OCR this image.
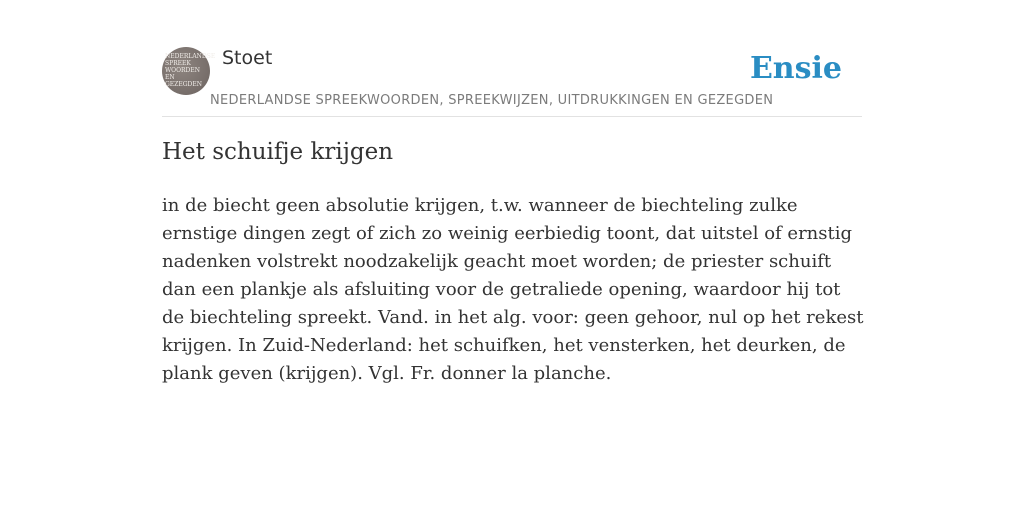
NEDERLANDSE
SPREEK
WOORDEN EN
GEZEGDEN
Stoet
NEDERLANDSE SPREEKWOORDEN, SPREEKWIJZEN, UITDRUKKINGEN EN GEZEGDEN
Ensie
Het schuifje krijgen

in de biecht geen absolutie krijgen, t.w. wanneer de biechteling zulke ernstige dingen zegt of zich zo weinig eerbiedig toont, dat uitstel of ernstig nadenken volstrekt noodzakelijk geacht moet worden; de priester schuift dan een plankje als afsluiting voor de getraliede opening, waardoor hij tot de biechteling spreekt. Vand. in het alg. voor: geen gehoor, nul op het rekest krijgen. In Zuid-Nederland: het schuifken, het vensterken, het deurken, de plank geven (krijgen). Vgl. Fr. donner la planche.
